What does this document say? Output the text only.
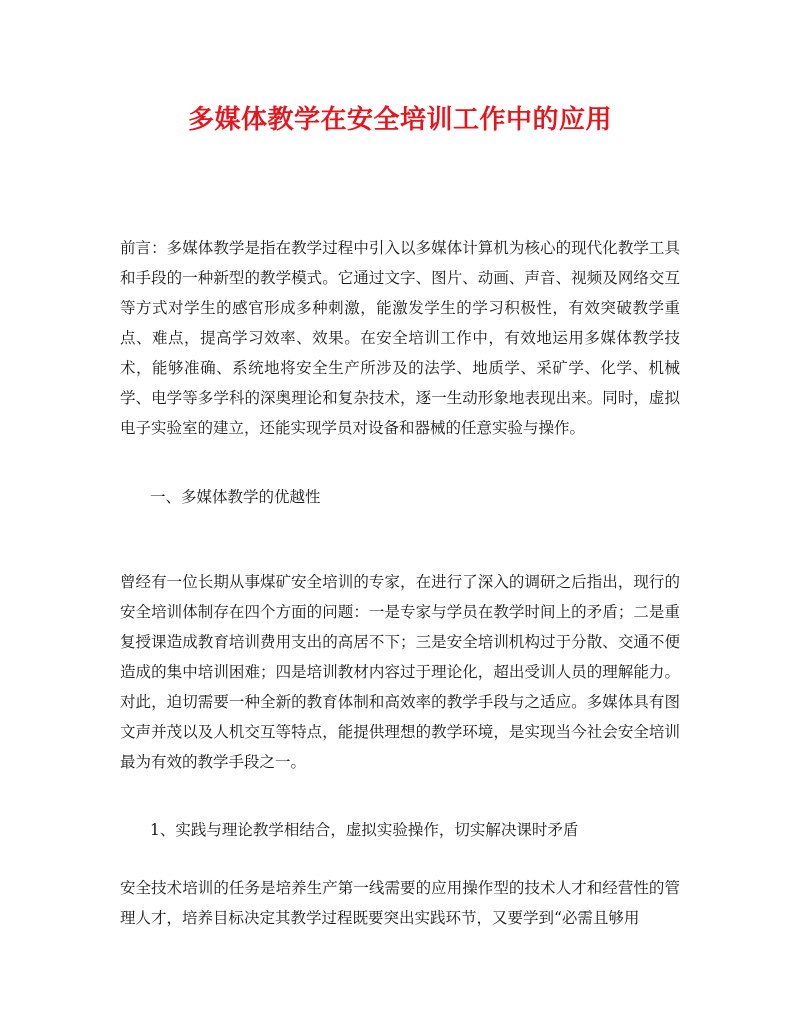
多媒体教学在安全培训工作中的应用

前言：多媒体教学是指在教学过程中引入以多媒体计算机为核心的现代化教学工具和手段的一种新型的教学模式。它通过文字、图片、动画、声音、视频及网络交互等方式对学生的感官形成多种刺激，能激发学生的学习积极性，有效突破教学重点、难点，提高学习效率、效果。在安全培训工作中，有效地运用多媒体教学技术，能够准确、系统地将安全生产所涉及的法学、地质学、采矿学、化学、机械学、电学等多学科的深奥理论和复杂技术，逐一生动形象地表现出来。同时，虚拟电子实验室的建立，还能实现学员对设备和器械的任意实验与操作。

一、多媒体教学的优越性

曾经有一位长期从事煤矿安全培训的专家，在进行了深入的调研之后指出，现行的安全培训体制存在四个方面的问题：一是专家与学员在教学时间上的矛盾；二是重复授课造成教育培训费用支出的高居不下；三是安全培训机构过于分散、交通不便造成的集中培训困难；四是培训教材内容过于理论化，超出受训人员的理解能力。对此，迫切需要一种全新的教育体制和高效率的教学手段与之适应。多媒体具有图文声并茂以及人机交互等特点，能提供理想的教学环境，是实现当今社会安全培训最为有效的教学手段之一。

1、实践与理论教学相结合，虚拟实验操作，切实解决课时矛盾

安全技术培训的任务是培养生产第一线需要的应用操作型的技术人才和经营性的管理人才，培养目标决定其教学过程既要突出实践环节，又要学到“必需且够用
